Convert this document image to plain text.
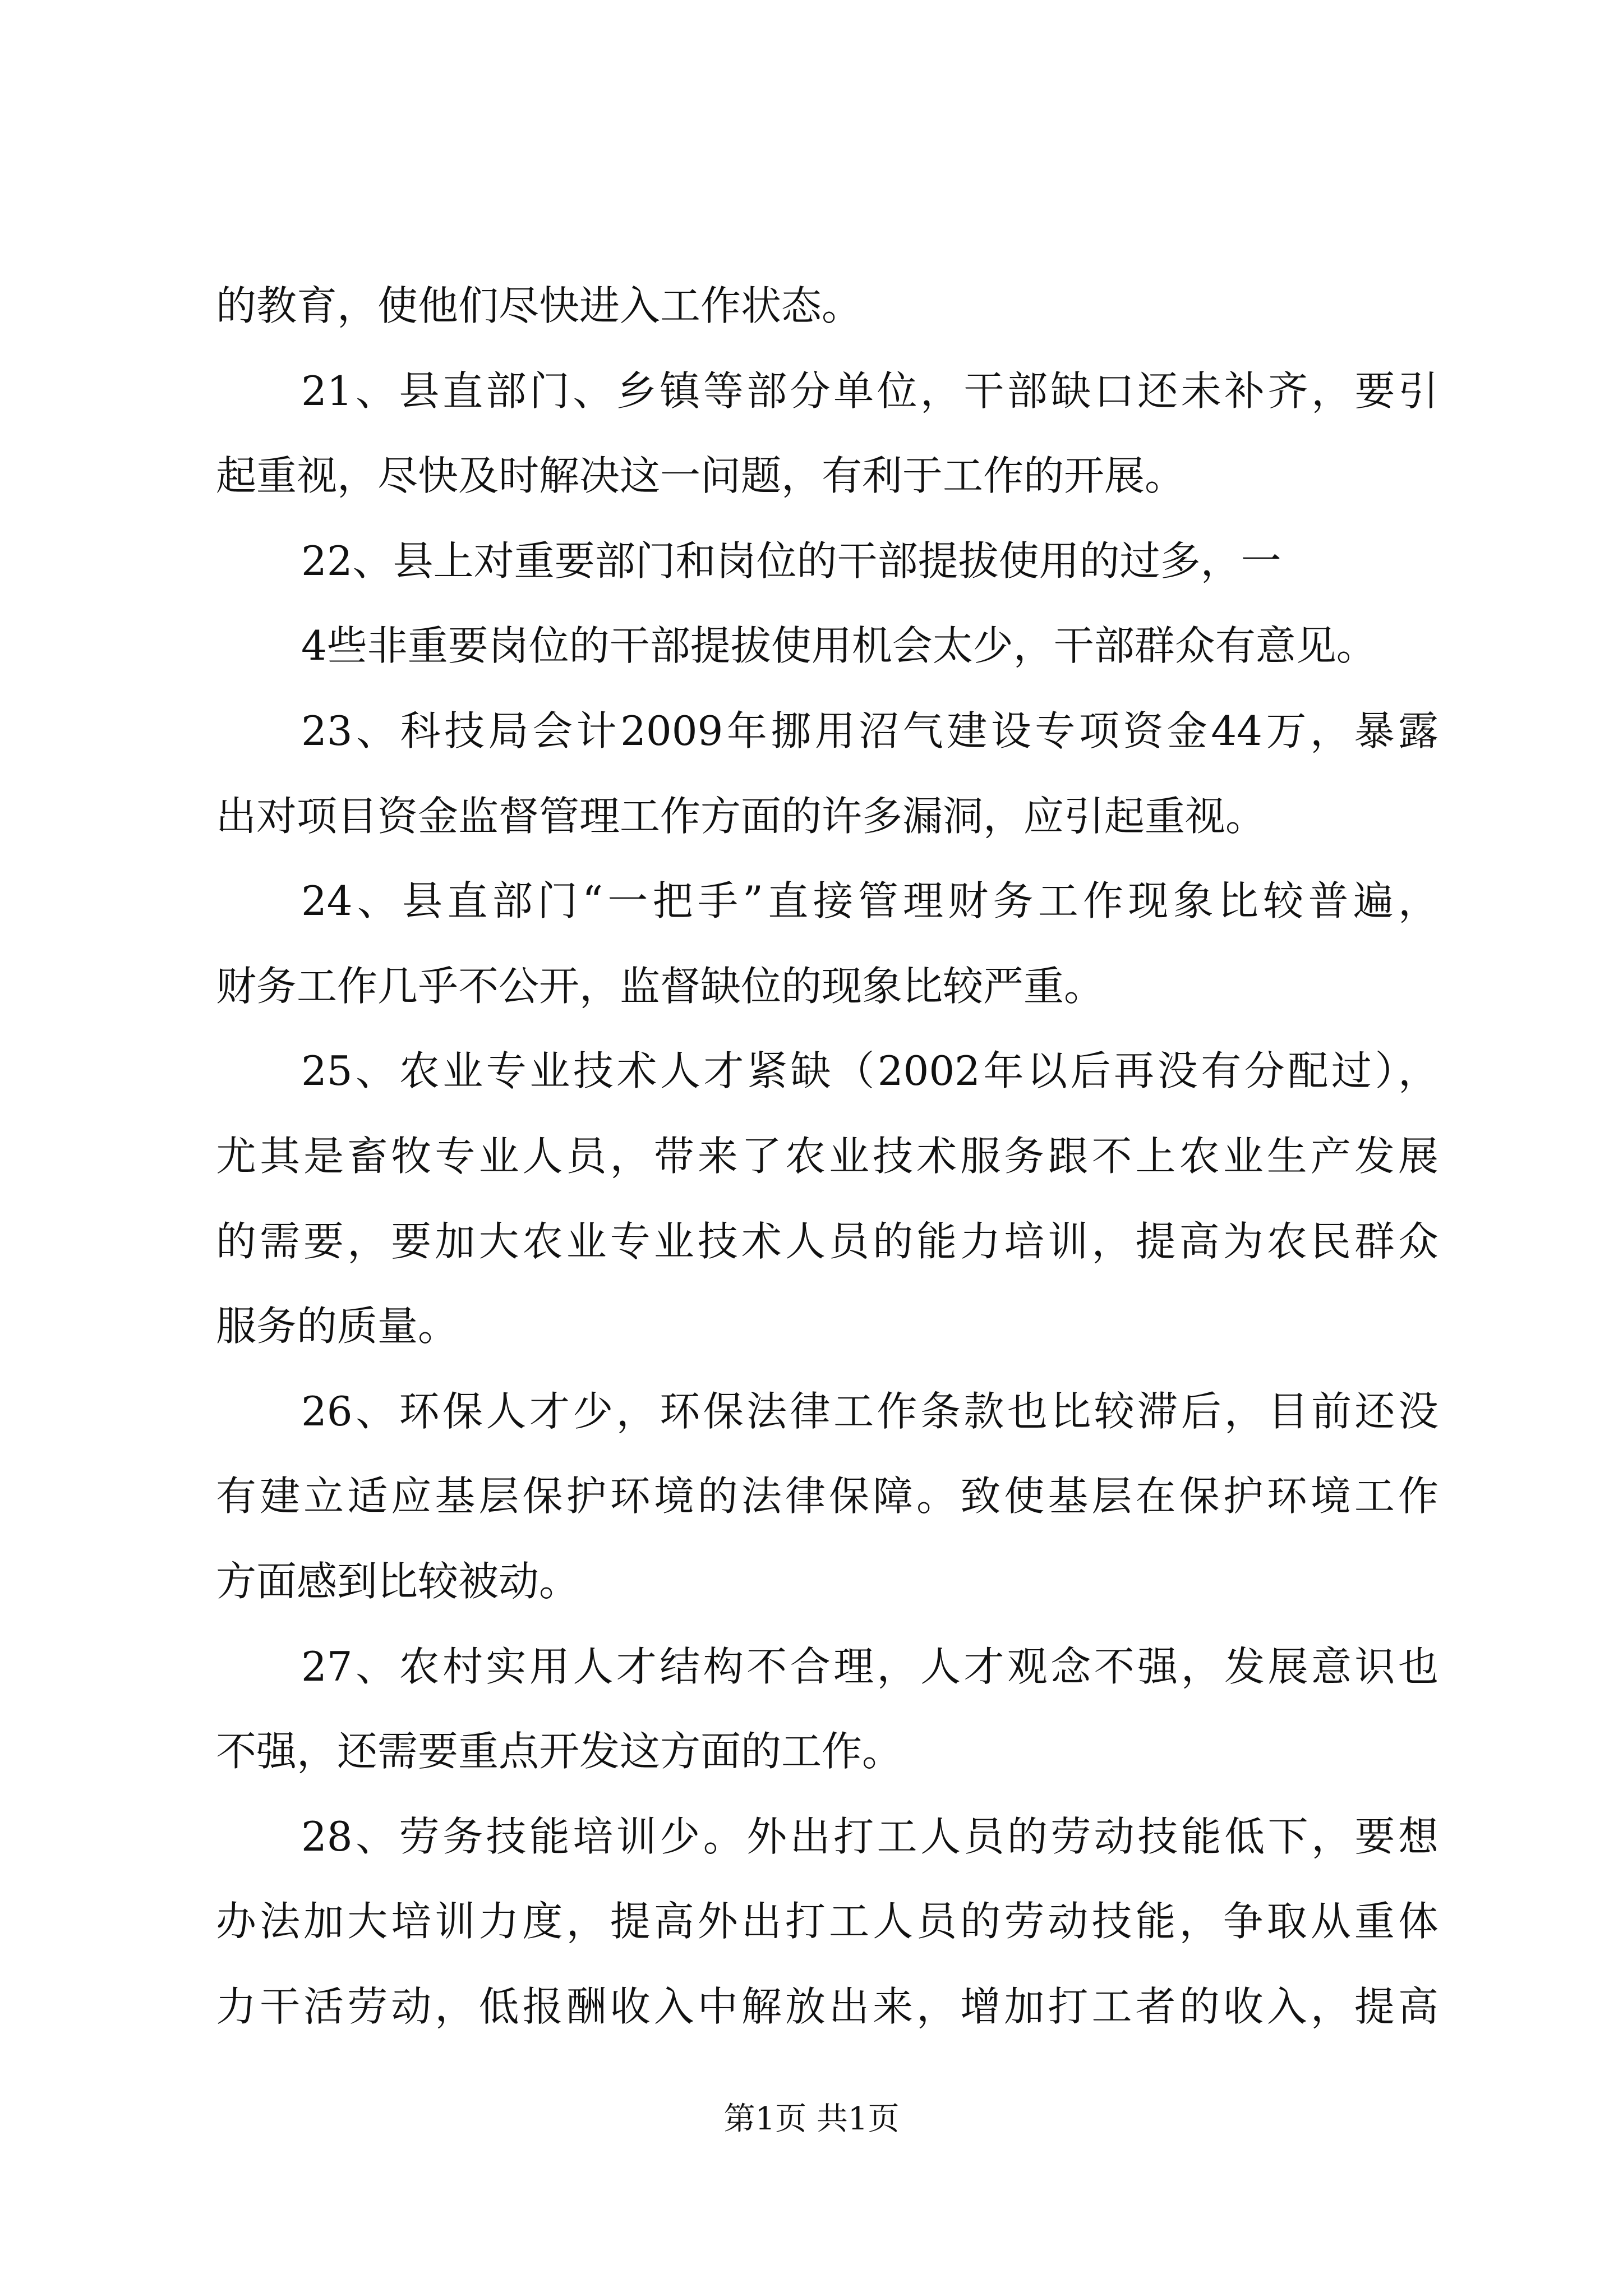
的教育，使他们尽快进入工作状态。
21、县直部门、乡镇等部分单位，干部缺口还未补齐，要引
起重视，尽快及时解决这一问题，有利于工作的开展。
22、县上对重要部门和岗位的干部提拔使用的过多，一
4些非重要岗位的干部提拔使用机会太少，干部群众有意见。
23、科技局会计2009年挪用沼气建设专项资金44万，暴露
出对项目资金监督管理工作方面的许多漏洞，应引起重视。
24、县直部门“一把手”直接管理财务工作现象比较普遍，
财务工作几乎不公开，监督缺位的现象比较严重。
25、农业专业技术人才紧缺（2002年以后再没有分配过），
尤其是畜牧专业人员，带来了农业技术服务跟不上农业生产发展
的需要，要加大农业专业技术人员的能力培训，提高为农民群众
服务的质量。
26、环保人才少，环保法律工作条款也比较滞后，目前还没
有建立适应基层保护环境的法律保障。致使基层在保护环境工作
方面感到比较被动。
27、农村实用人才结构不合理，人才观念不强，发展意识也
不强，还需要重点开发这方面的工作。
28、劳务技能培训少。外出打工人员的劳动技能低下，要想
办法加大培训力度，提高外出打工人员的劳动技能，争取从重体
力干活劳动，低报酬收入中解放出来，增加打工者的收入，提高
第1页 共1页
